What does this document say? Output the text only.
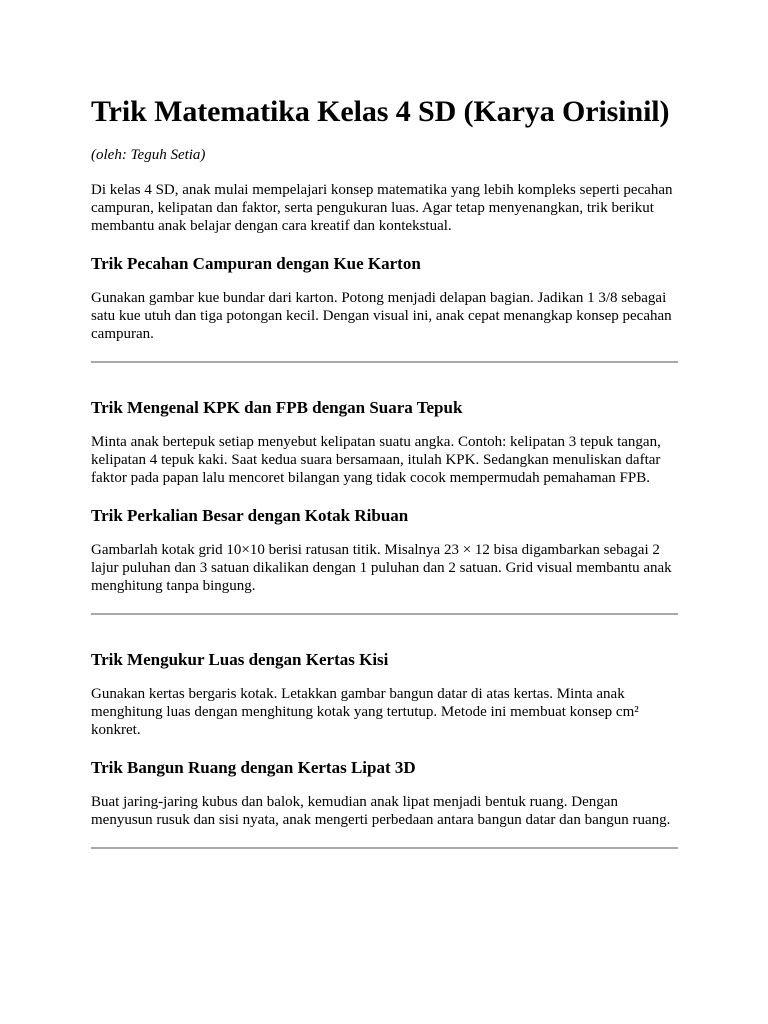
Trik Matematika Kelas 4 SD (Karya Orisinil)

(oleh: Teguh Setia)

Di kelas 4 SD, anak mulai mempelajari konsep matematika yang lebih kompleks seperti pecahan campuran, kelipatan dan faktor, serta pengukuran luas. Agar tetap menyenangkan, trik berikut membantu anak belajar dengan cara kreatif dan kontekstual.

Trik Pecahan Campuran dengan Kue Karton

Gunakan gambar kue bundar dari karton. Potong menjadi delapan bagian. Jadikan 1 3/8 sebagai satu kue utuh dan tiga potongan kecil. Dengan visual ini, anak cepat menangkap konsep pecahan campuran.

Trik Mengenal KPK dan FPB dengan Suara Tepuk

Minta anak bertepuk setiap menyebut kelipatan suatu angka. Contoh: kelipatan 3 tepuk tangan, kelipatan 4 tepuk kaki. Saat kedua suara bersamaan, itulah KPK. Sedangkan menuliskan daftar faktor pada papan lalu mencoret bilangan yang tidak cocok mempermudah pemahaman FPB.

Trik Perkalian Besar dengan Kotak Ribuan

Gambarlah kotak grid 10×10 berisi ratusan titik. Misalnya 23 × 12 bisa digambarkan sebagai 2 lajur puluhan dan 3 satuan dikalikan dengan 1 puluhan dan 2 satuan. Grid visual membantu anak menghitung tanpa bingung.

Trik Mengukur Luas dengan Kertas Kisi

Gunakan kertas bergaris kotak. Letakkan gambar bangun datar di atas kertas. Minta anak menghitung luas dengan menghitung kotak yang tertutup. Metode ini membuat konsep cm² konkret.

Trik Bangun Ruang dengan Kertas Lipat 3D

Buat jaring-jaring kubus dan balok, kemudian anak lipat menjadi bentuk ruang. Dengan menyusun rusuk dan sisi nyata, anak mengerti perbedaan antara bangun datar dan bangun ruang.
